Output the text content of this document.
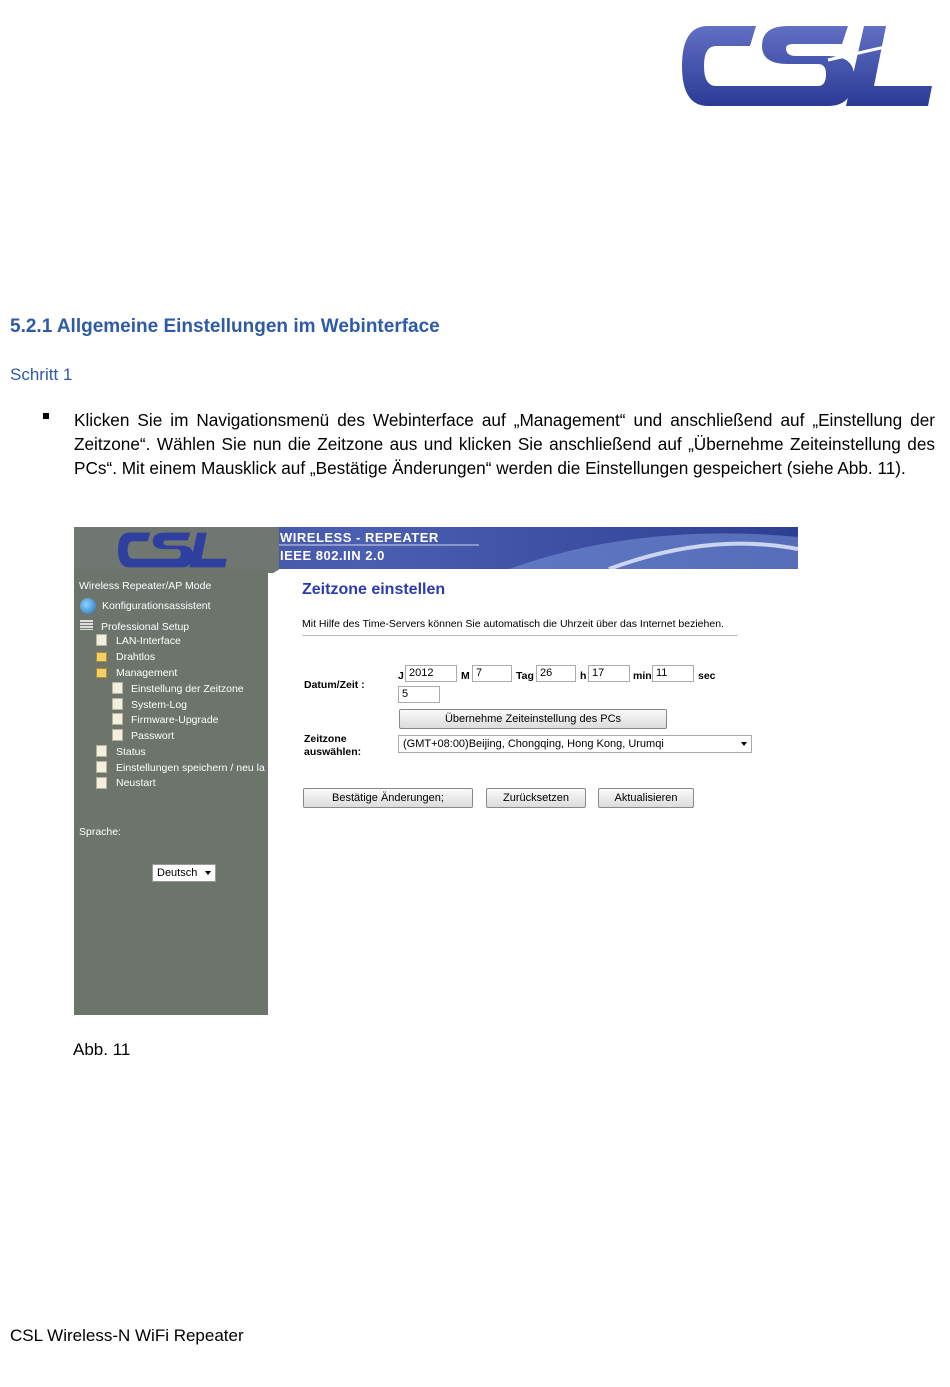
5.2.1 Allgemeine Einstellungen im Webinterface
Schritt 1

Klicken Sie im Navigationsmenü des Webinterface auf „Management“ und anschließend auf „Einstellung der Zeitzone“. Wählen Sie nun die Zeitzone aus und klicken Sie anschließend auf „Übernehme Zeiteinstellung des PCs“. Mit einem Mausklick auf „Bestätige Änderungen“ werden die Einstellungen gespeichert (siehe Abb. 11).

WIRELESS - REPEATER
IEEE 802.IIN 2.0
Wireless Repeater/AP Mode
Konfigurationsassistent
Professional Setup
LAN-Interface
Drahtlos
Management
Einstellung der Zeitzone
System-Log
Firmware-Upgrade
Passwort
Status
Einstellungen speichern / neu la
Neustart
Sprache:
Deutsch
Zeitzone einstellen
Mit Hilfe des Time-Servers können Sie automatisch die Uhrzeit über das Internet beziehen.
Datum/Zeit :
J 2012	M 7	Tag 26	h 17	min 11	sec
5
Übernehme Zeiteinstellung des PCs
Zeitzone
auswählen:
(GMT+08:00)Beijing, Chongqing, Hong Kong, Urumqi
Bestätige Änderungen;	Zurücksetzen	Aktualisieren
Abb. 11
CSL Wireless-N WiFi Repeater
